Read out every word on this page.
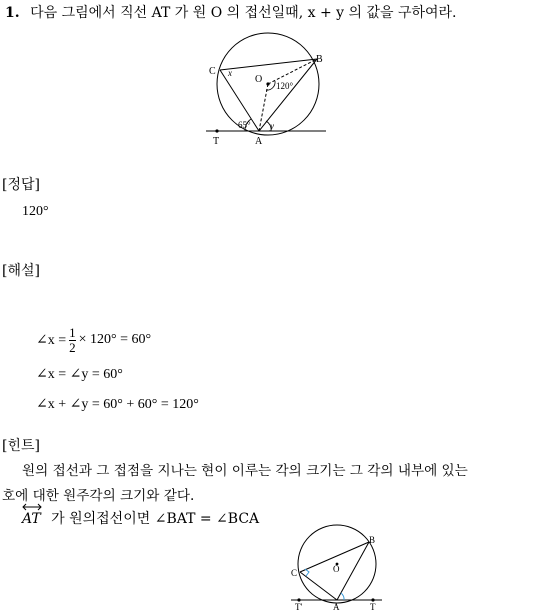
1. 다음 그림에서 직선 AT 가 원 O 의 접선일때, x + y 의 값을 구하여라.
C
B
O
A
T
x
y
120°
65°
[정답]
120°
[해설]
∠x = $\frac{1}{2} \times 120^\circ = 60^\circ$
∠x = ∠y = 60°
∠x + ∠y = 60° + 60° = 120°
[힌트]
원의 접선과 그 접점을 지나는 현이 이루는 각의 크기는 그 각의 내부에 있는
호에 대한 원주각의 크기와 같다.
AT 가 원의접선이면 ∠BAT = ∠BCA
C
B
O
A
T'	T
